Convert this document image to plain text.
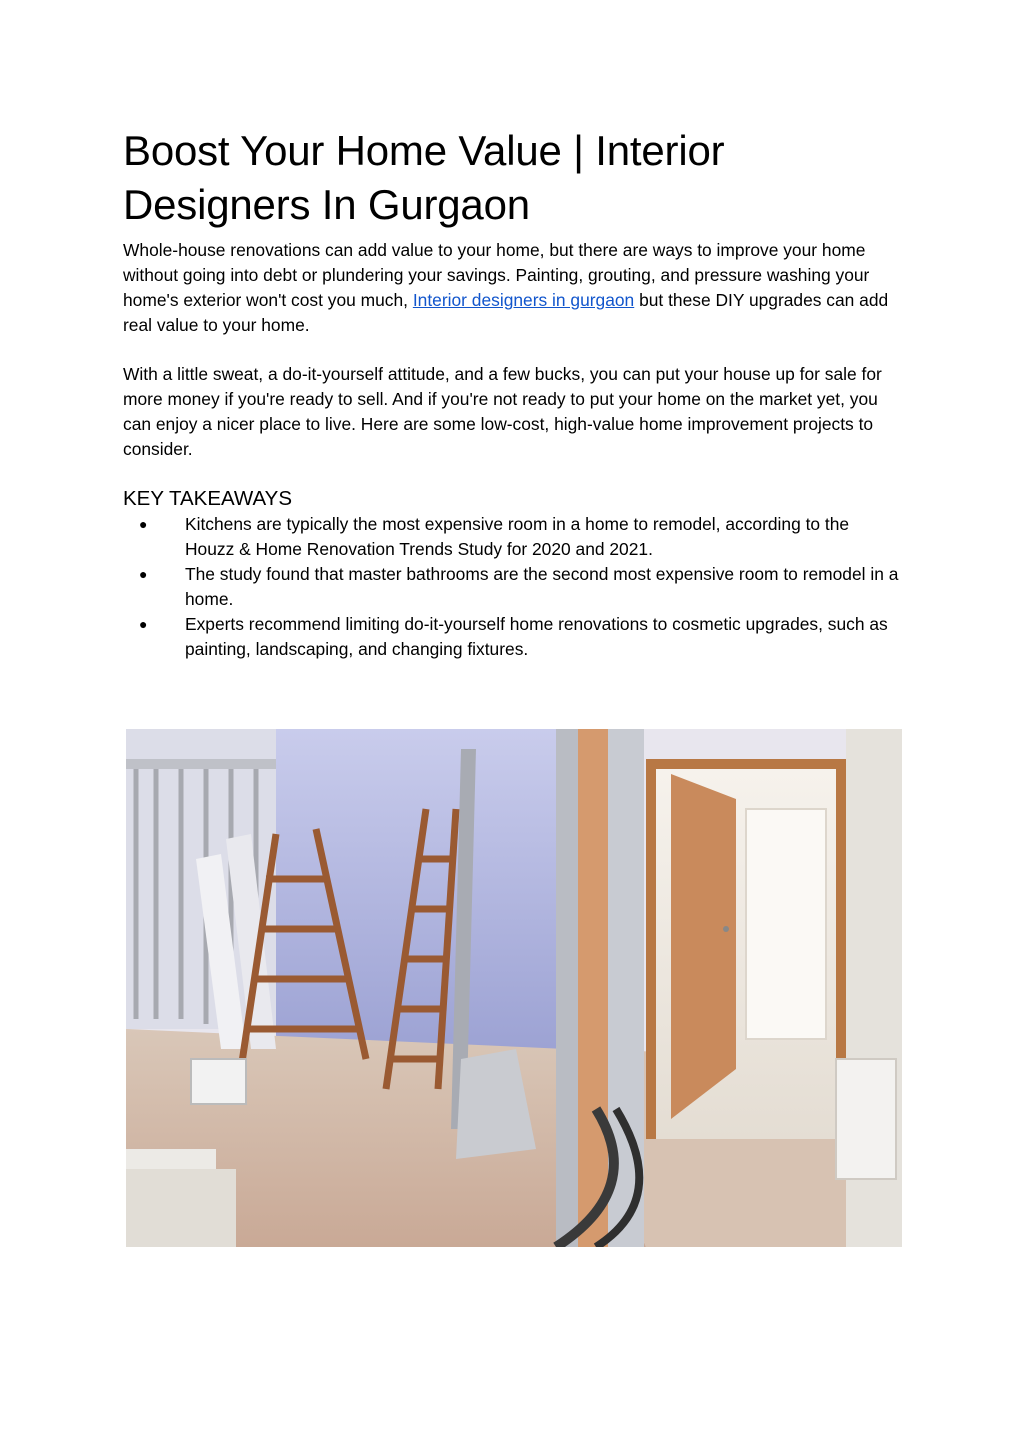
Boost Your Home Value | Interior Designers In Gurgaon

Whole-house renovations can add value to your home, but there are ways to improve your home without going into debt or plundering your savings. Painting, grouting, and pressure washing your home's exterior won't cost you much, Interior designers in gurgaon but these DIY upgrades can add real value to your home.

With a little sweat, a do-it-yourself attitude, and a few bucks, you can put your house up for sale for more money if you're ready to sell. And if you're not ready to put your home on the market yet, you can enjoy a nicer place to live. Here are some low-cost, high-value home improvement projects to consider.

KEY TAKEAWAYS
● Kitchens are typically the most expensive room in a home to remodel, according to the Houzz & Home Renovation Trends Study for 2020 and 2021.
● The study found that master bathrooms are the second most expensive room to remodel in a home.
● Experts recommend limiting do-it-yourself home renovations to cosmetic upgrades, such as painting, landscaping, and changing fixtures.
